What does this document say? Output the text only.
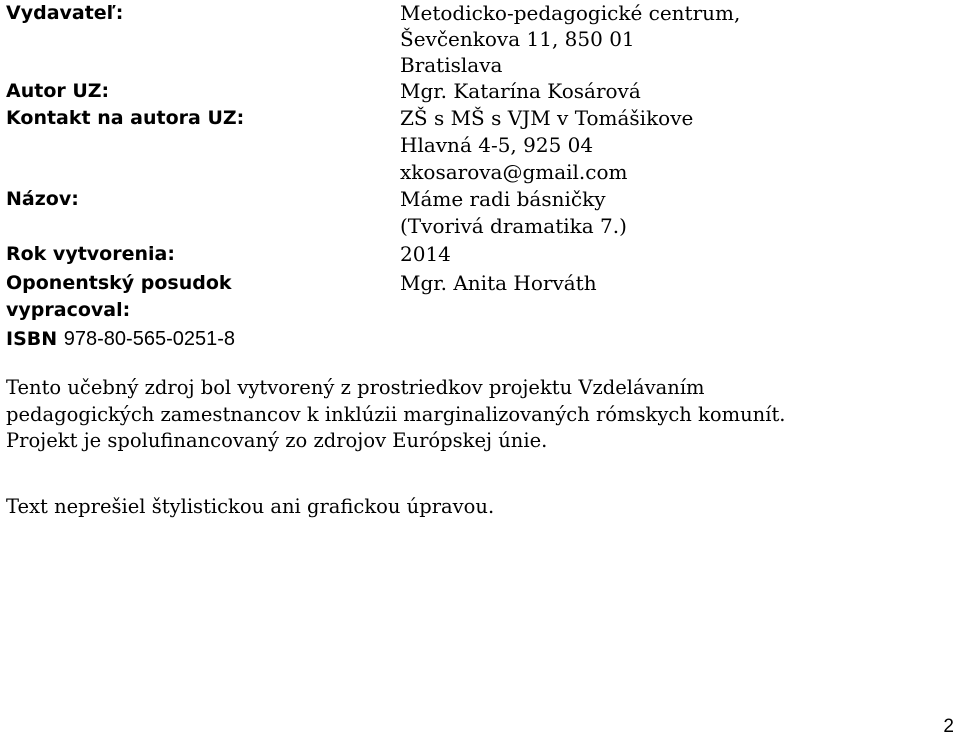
Vydavateľ:	Metodicko-pedagogické centrum,
Ševčenkova 11, 850 01
Bratislava
Autor UZ:	Mgr. Katarína Kosárová
Kontakt na autora UZ:	ZŠ s MŠ s VJM v Tomášikove
Hlavná 4-5, 925 04
xkosarova@gmail.com
Názov:	Máme radi básničky
(Tvorivá dramatika 7.)
Rok vytvorenia:	2014
Oponentský posudok	Mgr. Anita Horváth
vypracoval:
ISBN 978-80-565-0251-8
Tento učebný zdroj bol vytvorený z prostriedkov projektu Vzdelávaním
pedagogických zamestnancov k inklúzii marginalizovaných rómskych komunít.
Projekt je spolufinancovaný zo zdrojov Európskej únie.
Text neprešiel štylistickou ani grafickou úpravou.
2
